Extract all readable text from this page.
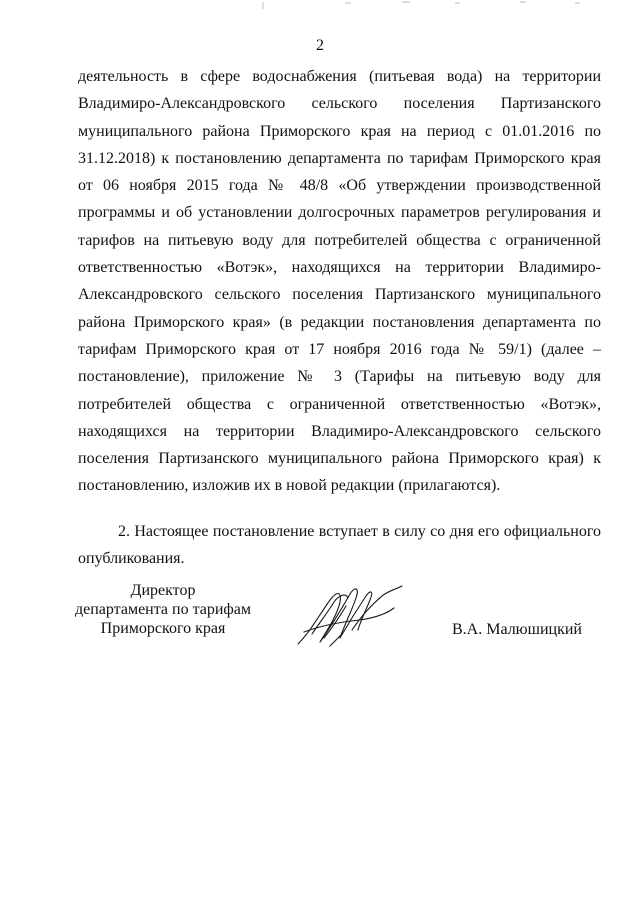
2

деятельность в сфере водоснабжения (питьевая вода) на территории Владимиро-Александровского сельского поселения Партизанского муниципального района Приморского края на период с 01.01.2016 по 31.12.2018) к постановлению департамента по тарифам Приморского края от 06 ноября 2015 года № 48/8 «Об утверждении производственной программы и об установлении долгосрочных параметров регулирования и тарифов на питьевую воду для потребителей общества с ограниченной ответственностью «Вотэк», находящихся на территории Владимиро-Александровского сельского поселения Партизанского муниципального района Приморского края» (в редакции постановления департамента по тарифам Приморского края от 17 ноября 2016 года № 59/1) (далее – постановление), приложение № 3 (Тарифы на питьевую воду для потребителей общества с ограниченной ответственностью «Вотэк», находящихся на территории Владимиро-Александровского сельского поселения Партизанского муниципального района Приморского края) к постановлению, изложив их в новой редакции (прилагаются).

2. Настоящее постановление вступает в силу со дня его официального опубликования.

Директор
департамента по тарифам
Приморского края	В.А. Малюшицкий
